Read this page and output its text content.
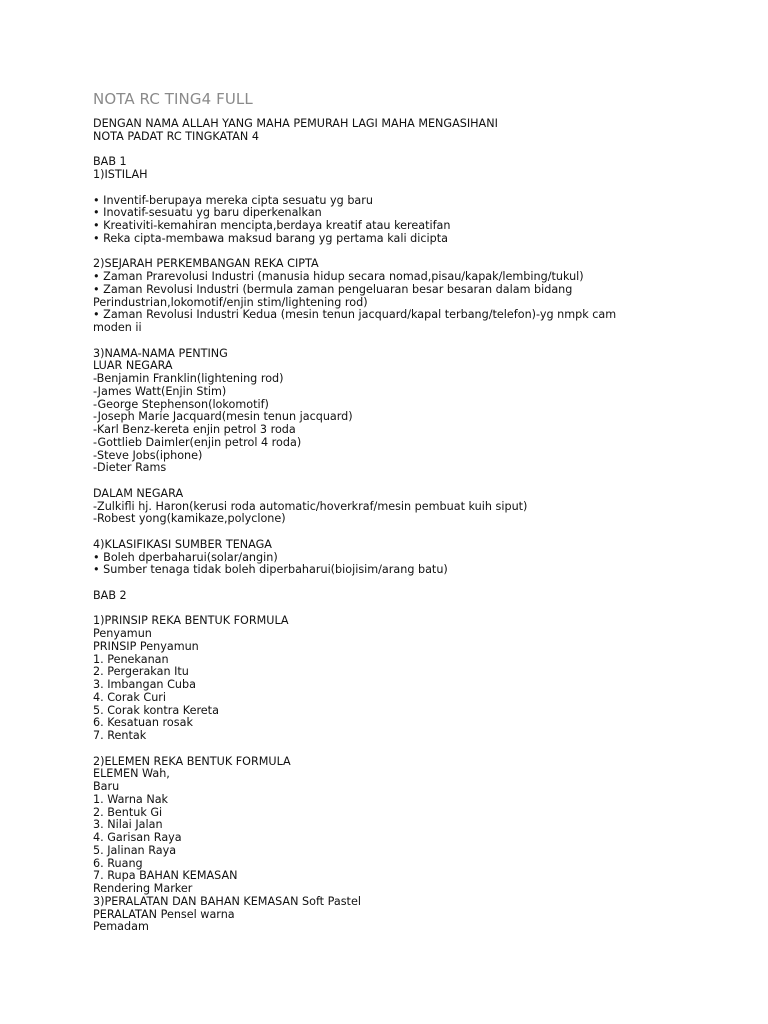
NOTA RC TING4 FULL
DENGAN NAMA ALLAH YANG MAHA PEMURAH LAGI MAHA MENGASIHANI
NOTA PADAT RC TINGKATAN 4
BAB 1
1)ISTILAH
• Inventif-berupaya mereka cipta sesuatu yg baru
• Inovatif-sesuatu yg baru diperkenalkan
• Kreativiti-kemahiran mencipta,berdaya kreatif atau kereatifan
• Reka cipta-membawa maksud barang yg pertama kali dicipta
2)SEJARAH PERKEMBANGAN REKA CIPTA
• Zaman Prarevolusi Industri (manusia hidup secara nomad,pisau/kapak/lembing/tukul)
• Zaman Revolusi Industri (bermula zaman pengeluaran besar besaran dalam bidang
Perindustrian,lokomotif/enjin stim/lightening rod)
• Zaman Revolusi Industri Kedua (mesin tenun jacquard/kapal terbang/telefon)-yg nmpk cam
moden ii
3)NAMA-NAMA PENTING
LUAR NEGARA
-Benjamin Franklin(lightening rod)
-James Watt(Enjin Stim)
-George Stephenson(lokomotif)
-Joseph Marie Jacquard(mesin tenun jacquard)
-Karl Benz-kereta enjin petrol 3 roda
-Gottlieb Daimler(enjin petrol 4 roda)
-Steve Jobs(iphone)
-Dieter Rams
DALAM NEGARA
-Zulkifli hj. Haron(kerusi roda automatic/hoverkraf/mesin pembuat kuih siput)
-Robest yong(kamikaze,polyclone)
4)KLASIFIKASI SUMBER TENAGA
• Boleh dperbaharui(solar/angin)
• Sumber tenaga tidak boleh diperbaharui(biojisim/arang batu)
BAB 2
1)PRINSIP REKA BENTUK FORMULA
Penyamun
PRINSIP Penyamun
1. Penekanan
2. Pergerakan Itu
3. Imbangan Cuba
4. Corak Curi
5. Corak kontra Kereta
6. Kesatuan rosak
7. Rentak
2)ELEMEN REKA BENTUK FORMULA
ELEMEN Wah,
Baru
1. Warna Nak
2. Bentuk Gi
3. Nilai Jalan
4. Garisan Raya
5. Jalinan Raya
6. Ruang
7. Rupa BAHAN KEMASAN
Rendering Marker
3)PERALATAN DAN BAHAN KEMASAN Soft Pastel
PERALATAN Pensel warna
Pemadam
